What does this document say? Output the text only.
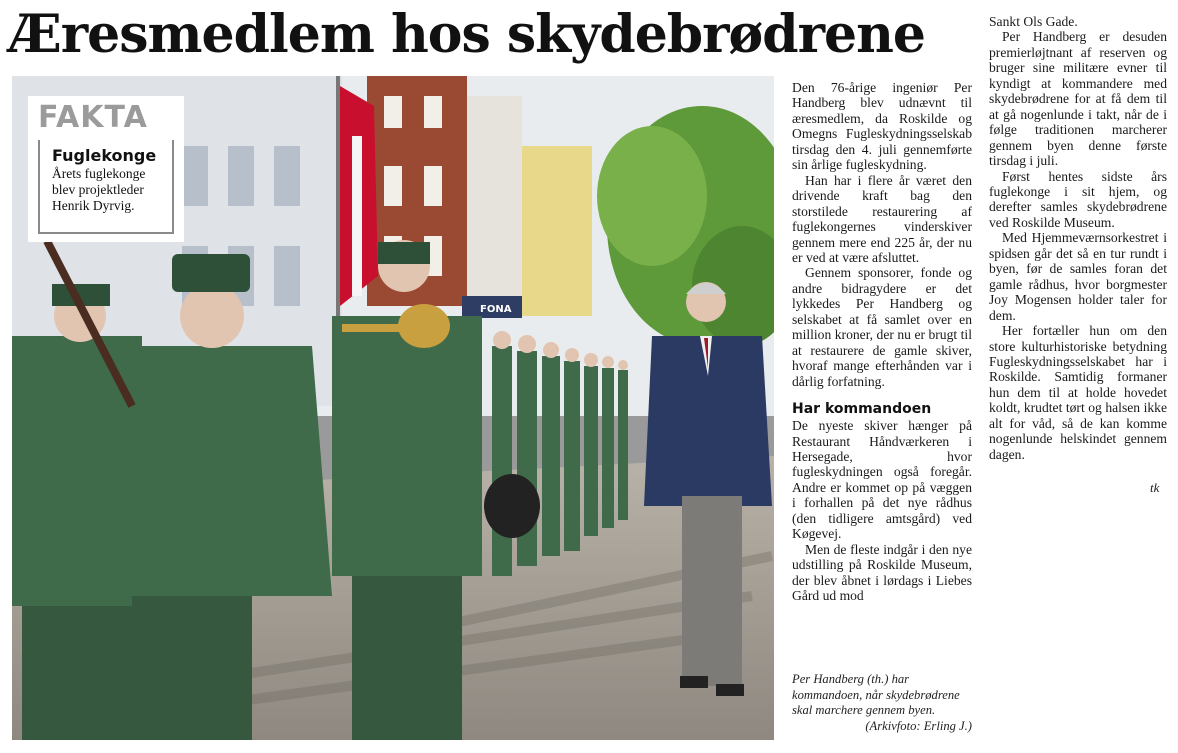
Æresmedlem hos skydebrødrene
FONA
FAKTA
Fuglekonge
Årets fuglekonge blev projektleder Henrik Dyrvig.

Den 76-årige ingeniør Per Handberg blev udnævnt til æresmedlem, da Roskilde og Omegns Fugleskydningsselskab tirsdag den 4. juli gennemførte sin årlige fugleskydning.

Han har i flere år været den drivende kraft bag den storstilede restaurering af fuglekongernes vinderskiver gennem mere end 225 år, der nu er ved at være afsluttet.

Gennem sponsorer, fonde og andre bidragydere er det lykkedes Per Handberg og selskabet at få samlet over en million kroner, der nu er brugt til at restaurere de gamle skiver, hvoraf mange efterhånden var i dårlig forfatning.

Har kommandoen

De nyeste skiver hænger på Restaurant Håndværkeren i Hersegade, hvor fugleskydningen også foregår. Andre er kommet op på væggen i forhallen på det nye rådhus (den tidligere amtsgård) ved Køgevej.

Men de fleste indgår i den nye udstilling på Roskilde Museum, der blev åbnet i lørdags i Liebes Gård ud mod

Per Handberg (th.) har kommandoen, når skydebrødrene skal marchere gennem byen.
(Arkivfoto: Erling J.)

Sankt Ols Gade.

Per Handberg er desuden premierløjtnant af reserven og bruger sine militære evner til kyndigt at kommandere med skydebrødrene for at få dem til at gå nogenlunde i takt, når de i følge traditionen marcherer gennem byen denne første tirsdag i juli.

Først hentes sidste års fuglekonge i sit hjem, og derefter samles skydebrødrene ved Roskilde Museum.

Med Hjemmeværnsorkestret i spidsen går det så en tur rundt i byen, før de samles foran det gamle rådhus, hvor borgmester Joy Mogensen holder taler for dem.

Her fortæller hun om den store kulturhistoriske betydning Fugleskydningsselskabet har i Roskilde. Samtidig formaner hun dem til at holde hovedet koldt, krudtet tørt og halsen ikke alt for våd, så de kan komme nogenlunde helskindet gennem dagen.

tk
